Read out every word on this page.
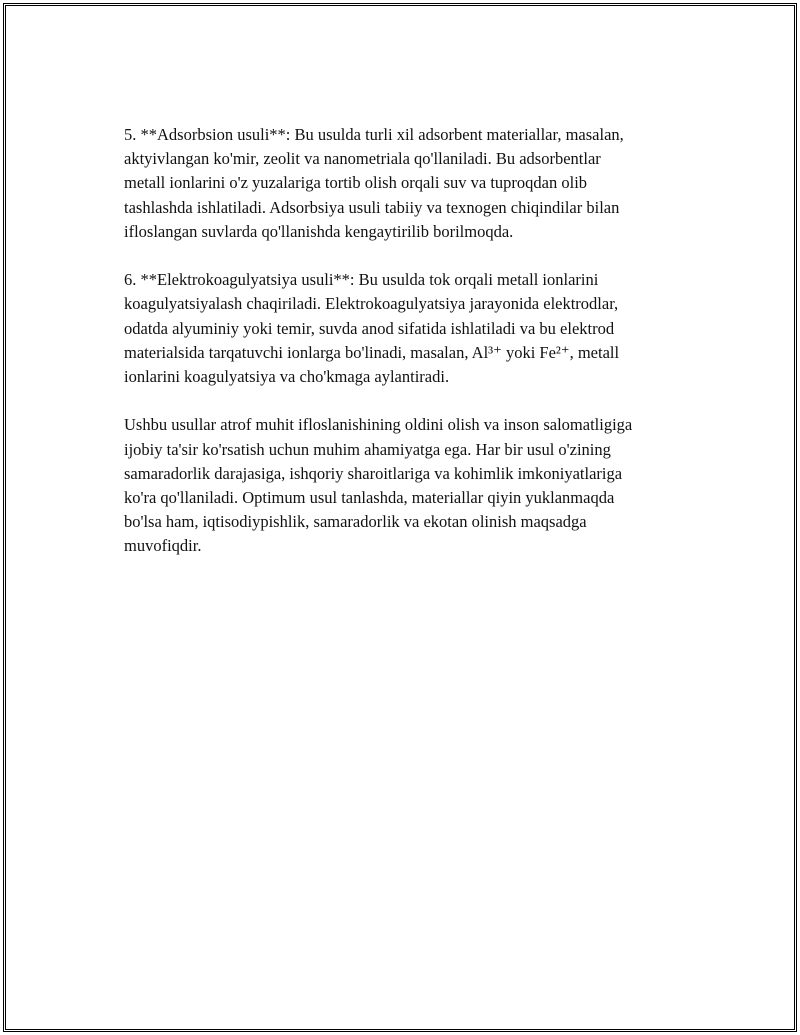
5. **Adsorbsion usuli**: Bu usulda turli xil adsorbent materiallar, masalan,
aktyivlangan ko'mir, zeolit va nanometriala qo'llaniladi. Bu adsorbentlar
metall ionlarini o'z yuzalariga tortib olish orqali suv va tuproqdan olib
tashlashda ishlatiladi. Adsorbsiya usuli tabiiy va texnogen chiqindilar bilan
ifloslangan suvlarda qo'llanishda kengaytirilib borilmoqda.

6. **Elektrokoagulyatsiya usuli**: Bu usulda tok orqali metall ionlarini
koagulyatsiyalash chaqiriladi. Elektrokoagulyatsiya jarayonida elektrodlar,
odatda alyuminiy yoki temir, suvda anod sifatida ishlatiladi va bu elektrod
materialsida tarqatuvchi ionlarga bo'linadi, masalan, Al³⁺ yoki Fe²⁺, metall
ionlarini koagulyatsiya va cho'kmaga aylantiradi.

Ushbu usullar atrof muhit ifloslanishining oldini olish va inson salomatligiga
ijobiy ta'sir ko'rsatish uchun muhim ahamiyatga ega. Har bir usul o'zining
samaradorlik darajasiga, ishqoriy sharoitlariga va kohimlik imkoniyatlariga
ko'ra qo'llaniladi. Optimum usul tanlashda, materiallar qiyin yuklanmaqda
bo'lsa ham, iqtisodiypishlik, samaradorlik va ekotan olinish maqsadga
muvofiqdir.
